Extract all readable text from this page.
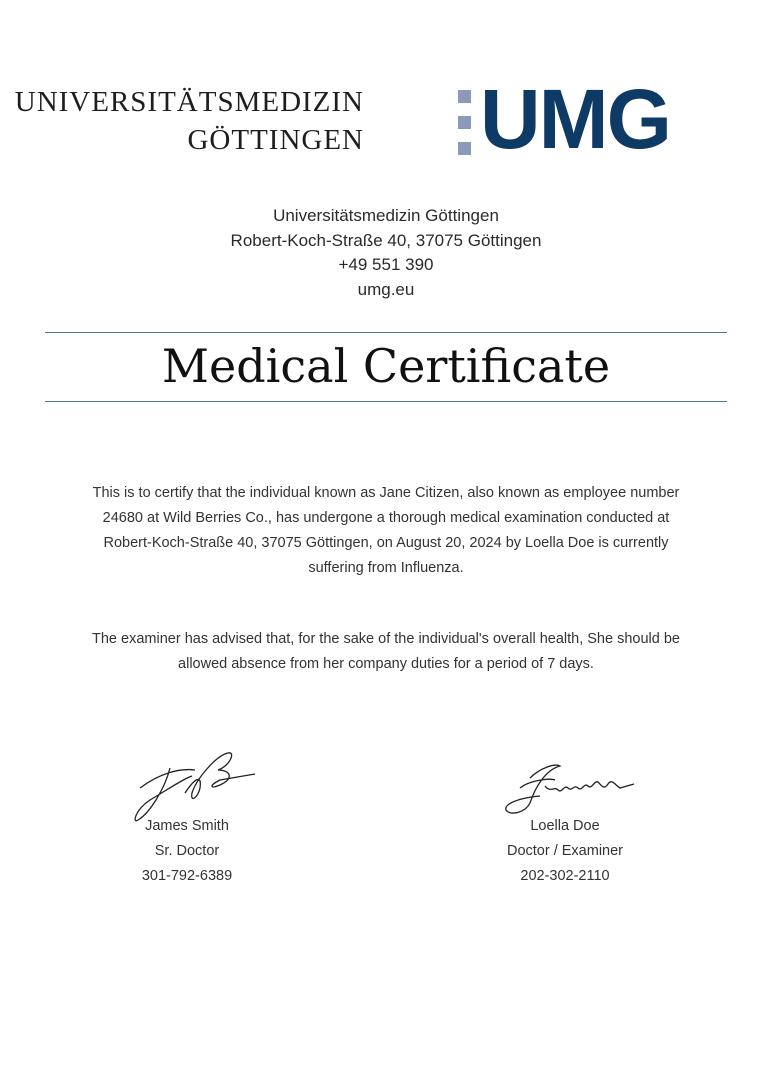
UNIVERSITÄTSMEDIZIN
GÖTTINGEN UMG
Universitätsmedizin Göttingen
Robert-Koch-Straße 40, 37075 Göttingen
+49 551 390
umg.eu
Medical Certificate
This is to certify that the individual known as Jane Citizen, also known as employee number 24680 at Wild Berries Co., has undergone a thorough medical examination conducted at Robert-Koch-Straße 40, 37075 Göttingen, on August 20, 2024 by Loella Doe is currently suffering from Influenza.
The examiner has advised that, for the sake of the individual's overall health, She should be allowed absence from her company duties for a period of 7 days.
James Smith
Sr. Doctor
301-792-6389
Loella Doe
Doctor / Examiner
202-302-2110
